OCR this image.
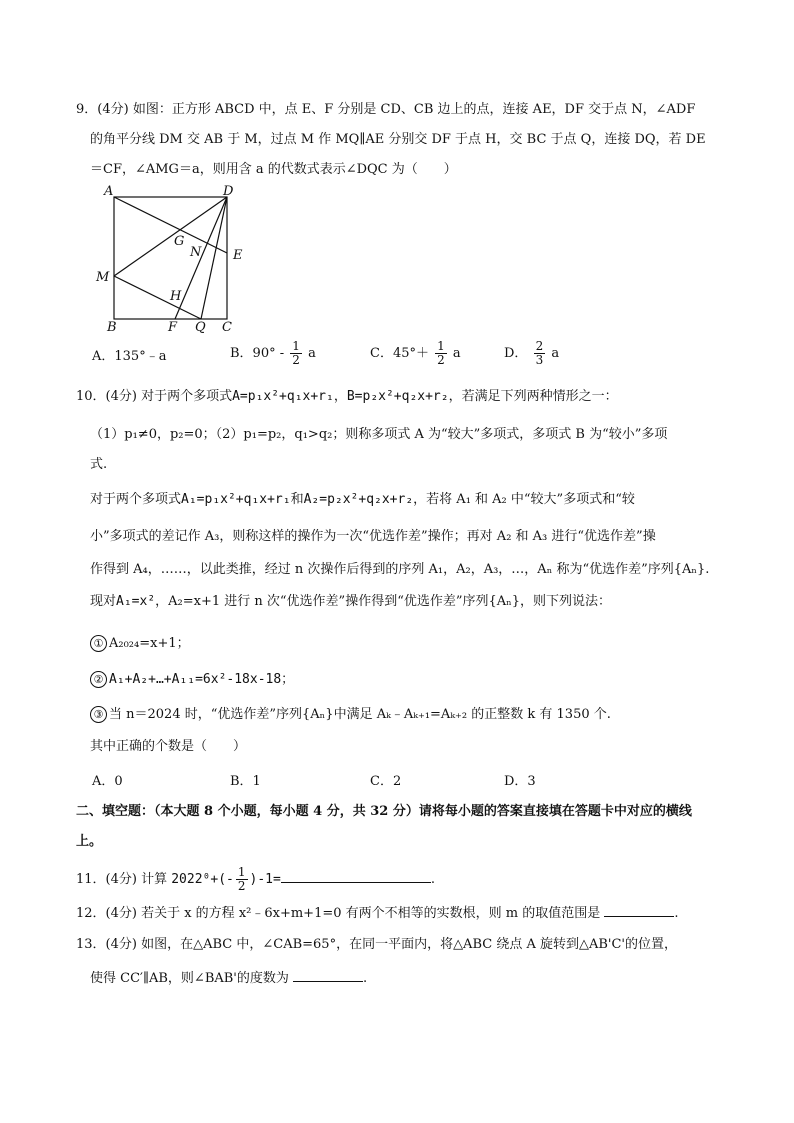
9．(4分) 如图：正方形 ABCD 中，点 E、F 分别是 CD、CB 边上的点，连接 AE，DF 交于点 N，∠ADF
的角平分线 DM 交 AB 于 M，过点 M 作 MQ∥AE 分别交 DF 于点 H，交 BC 于点 Q，连接 DQ，若 DE
＝CF，∠AMG＝a，则用含 a 的代数式表示∠DQC 为（　　）
A	D
G
N E
M
H
B	F Q C
A．135°﹣a	B．$90^\circ - \frac{1}{2}$ a	C．$45^\circ+ \frac{1}{2}$ a	D． $\frac{2}{3}$ a
10．(4分) 对于两个多项式A=p₁x²+q₁x+r₁，B=p₂x²+q₂x+r₂，若满足下列两种情形之一：
（1）p₁≠0，p₂=0；（2）p₁=p₂，q₁>q₂；则称多项式 A 为“较大”多项式，多项式 B 为“较小”多项
式.
对于两个多项式A₁=p₁x²+q₁x+r₁和A₂=p₂x²+q₂x+r₂，若将 A₁ 和 A₂ 中“较大”多项式和“较
小”多项式的差记作 A₃，则称这样的操作为一次“优选作差”操作；再对 A₂ 和 A₃ 进行“优选作差”操
作得到 A₄，……，以此类推，经过 n 次操作后得到的序列 A₁，A₂，A₃，…，Aₙ 称为“优选作差”序列{Aₙ}.
现对A₁=x²，A₂=x+1 进行 n 次“优选作差”操作得到“优选作差”序列{Aₙ}，则下列说法：
① A₂₀₂₄=x+1；
② A₁+A₂+…+A₁₁=6x²-18x-18；
③ 当 n＝2024 时，“优选作差”序列{Aₙ}中满足 Aₖ﹣Aₖ₊₁=Aₖ₊₂ 的正整数 k 有 1350 个.
其中正确的个数是（　　）
A．0	B．1	C．2	D．3
二、填空题：（本大题 8 个小题，每小题 4 分，共 32 分）请将每小题的答案直接填在答题卡中对应的横线
上。
11．(4分) 计算 $2022^0+(- \frac{1}{2} )-1=$	.
12．(4分) 若关于 x 的方程 x²﹣6x+m+1=0 有两个不相等的实数根，则 m 的取值范围是	.
13．(4分) 如图，在△ABC 中，∠CAB=65°，在同一平面内，将△ABC 绕点 A 旋转到△AB'C'的位置，
使得 CC′∥AB，则∠BAB'的度数为	.
